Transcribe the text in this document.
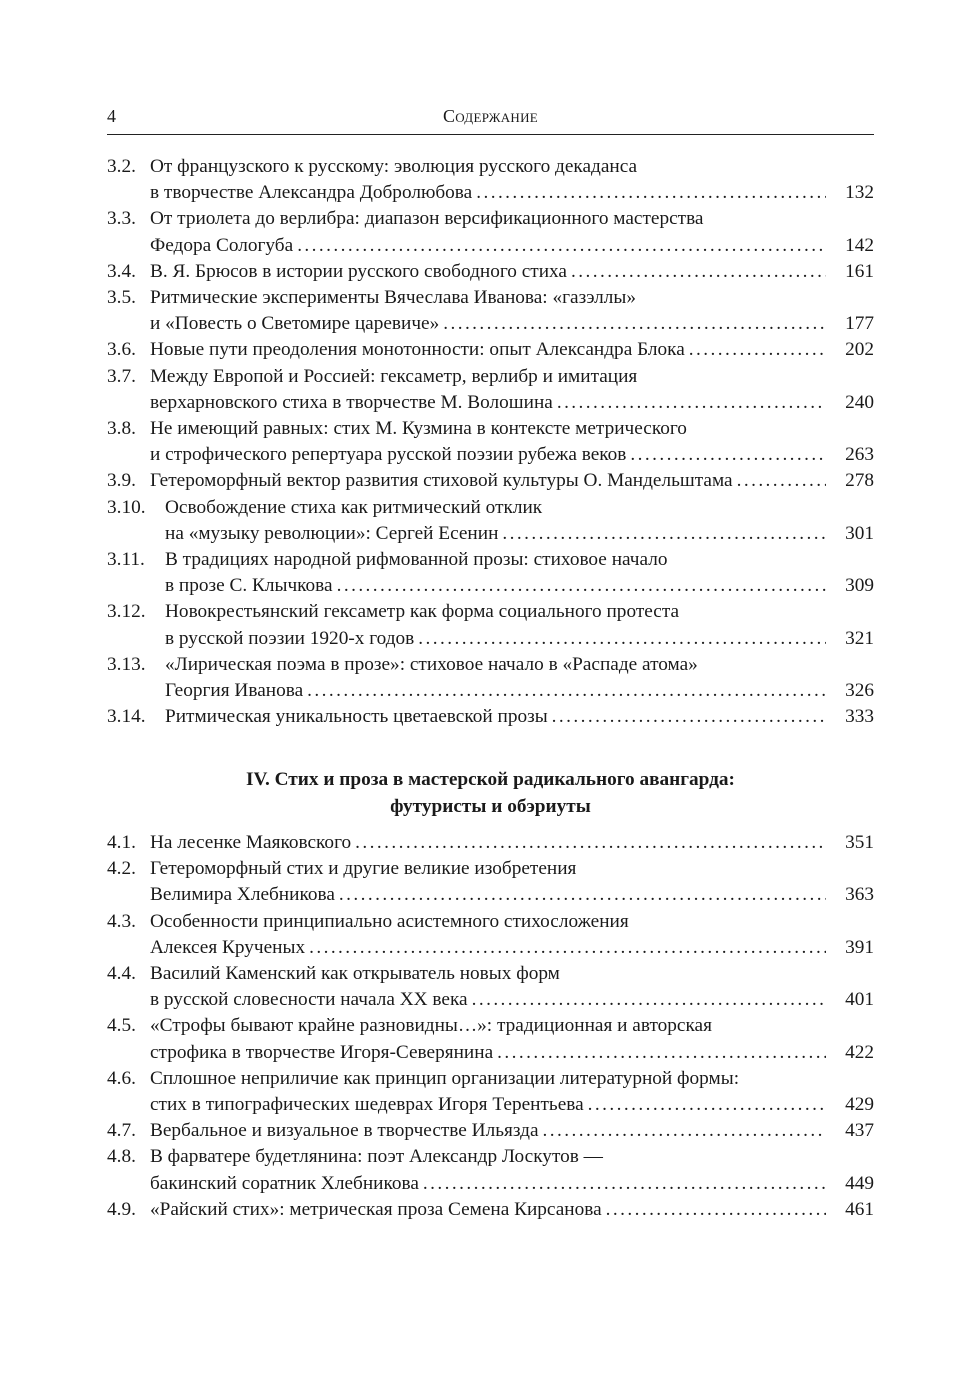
4	Содержание
3.2. От французского к русскому: эволюция русского декаданса
в творчестве Александра Добролюбова . . .	132
3.3. От триолета до верлибра: диапазон версификационного мастерства
Федора Сологуба . . .	142
3.4. В. Я. Брюсов в истории русского свободного стиха . . .	161
3.5. Ритмические эксперименты Вячеслава Иванова: «газэллы»
и «Повесть о Светомире царевиче» . . .	177
3.6. Новые пути преодоления монотонности: опыт Александра Блока . . .	202
3.7. Между Европой и Россией: гексаметр, верлибр и имитация
верхарновского стиха в творчестве М. Волошина . . .	240
3.8. Не имеющий равных: стих М. Кузмина в контексте метрического
и строфического репертуара русской поэзии рубежа веков . . .	263
3.9. Гетероморфный вектор развития стиховой культуры О. Мандельштама . . .	278
3.10.	Освобождение стиха как ритмический отклик
на «музыку революции»: Сергей Есенин . . .	301
3.11.	В традициях народной рифмованной прозы: стиховое начало
в прозе С. Клычкова . . .	309
3.12.	Новокрестьянский гексаметр как форма социального протеста
в русской поэзии 1920-х годов . . .	321
3.13.	«Лирическая поэма в прозе»: стиховое начало в «Распаде атома»
Георгия Иванова . . .	326
3.14.	Ритмическая уникальность цветаевской прозы . . .	333
IV. Стих и проза в мастерской радикального авангарда:
футуристы и обэриуты
4.1. На лесенке Маяковского . . .	351
4.2. Гетероморфный стих и другие великие изобретения
Велимира Хлебникова . . .	363
4.3. Особенности принципиально асистемного стихосложения
Алексея Крученых . . .	391
4.4. Василий Каменский как открыватель новых форм
в русской словесности начала XX века . . .	401
4.5. «Строфы бывают крайне разновидны…»: традиционная и авторская
строфика в творчестве Игоря-Северянина . . .	422
4.6. Сплошное неприличие как принцип организации литературной формы:
стих в типографических шедеврах Игоря Терентьева . . .	429
4.7. Вербальное и визуальное в творчестве Ильязда . . .	437
4.8. В фарватере будетлянина: поэт Александр Лоскутов —
бакинский соратник Хлебникова . . .	449
4.9. «Райский стих»: метрическая проза Семена Кирсанова . . .	461
